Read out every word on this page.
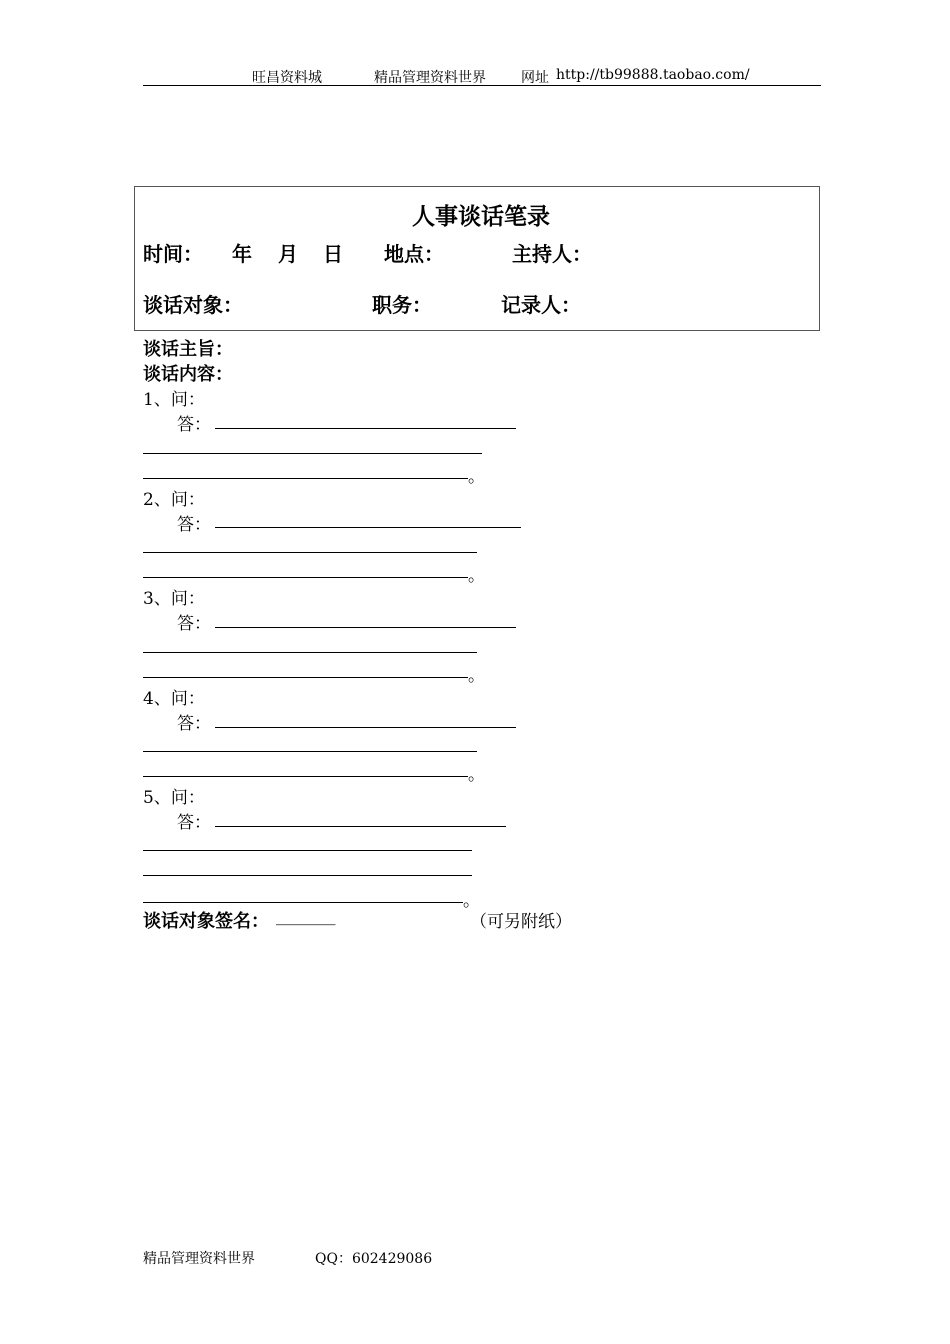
旺昌资料城	精品管理资料世界	网址 http://tb99888.taobao.com/
人事谈话笔录
时间： 年 月 日 地点：	主持人：
谈话对象：	职务：	记录人：
谈话主旨：
谈话内容：
1、问：
答：
。
2、问：
答：
。
3、问：
答：
。
4、问：
答：
。
5、问：
答：
。
谈话对象签名： _______	（可另附纸）
精品管理资料世界	QQ：602429086
